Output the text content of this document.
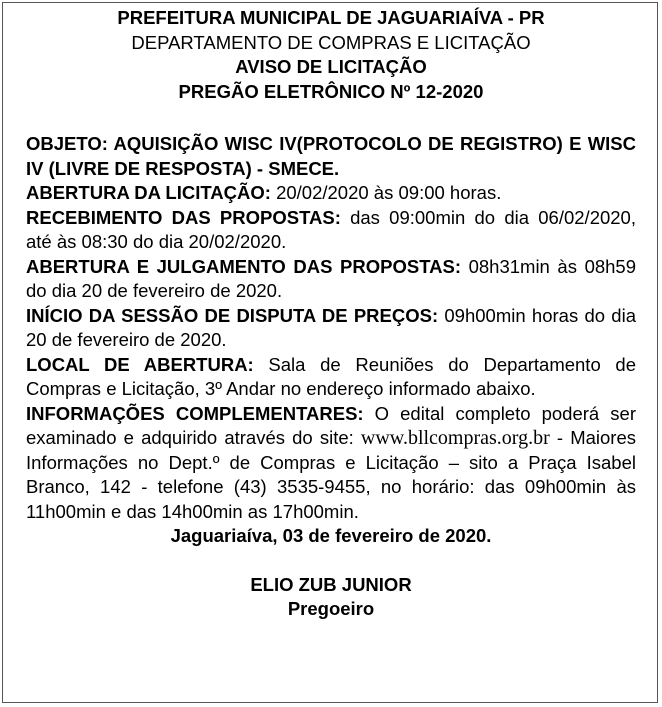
PREFEITURA MUNICIPAL DE JAGUARIAÍVA - PR
DEPARTAMENTO DE COMPRAS E LICITAÇÃO
AVISO DE LICITAÇÃO
PREGÃO ELETRÔNICO Nº 12-2020

OBJETO: AQUISIÇÃO WISC IV(PROTOCOLO DE REGISTRO) E WISC IV (LIVRE DE RESPOSTA) - SMECE.

ABERTURA DA LICITAÇÃO: 20/02/2020 às 09:00 horas.

RECEBIMENTO DAS PROPOSTAS: das 09:00min do dia 06/02/2020, até às 08:30 do dia 20/02/2020.

ABERTURA E JULGAMENTO DAS PROPOSTAS: 08h31min às 08h59 do dia 20 de fevereiro de 2020.

INÍCIO DA SESSÃO DE DISPUTA DE PREÇOS: 09h00min horas do dia 20 de fevereiro de 2020.

LOCAL DE ABERTURA: Sala de Reuniões do Departamento de Compras e Licitação, 3º Andar no endereço informado abaixo.

INFORMAÇÕES COMPLEMENTARES: O edital completo poderá ser examinado e adquirido através do site: www.bllcompras.org.br - Maiores Informações no Dept.º de Compras e Licitação – sito a Praça Isabel Branco, 142 - telefone (43) 3535-9455, no horário: das 09h00min às 11h00min e das 14h00min as 17h00min.

Jaguariaíva, 03 de fevereiro de 2020.
ELIO ZUB JUNIOR
Pregoeiro
